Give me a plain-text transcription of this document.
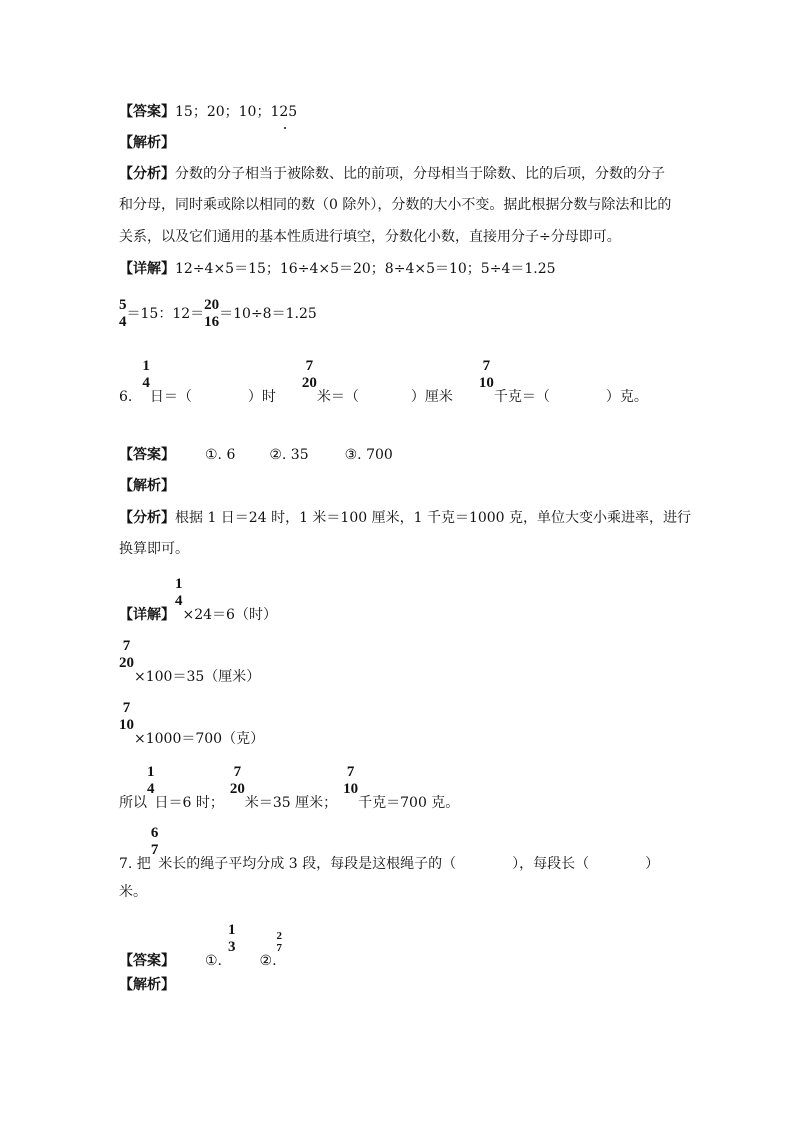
【答案】15；20；10；125
【解析】
【分析】分数的分子相当于被除数、比的前项，分母相当于除数、比的后项，分数的分子
和分母，同时乘或除以相同的数（0 除外），分数的大小不变。据此根据分数与除法和比的
关系，以及它们通用的基本性质进行填空，分数化小数，直接用分子÷分母即可。
【详解】12÷4×5＝15；16÷4×5＝20；8÷4×5＝10；5÷4＝1.25
5
4 ＝15：12＝
20
16 ＝10÷8＝1.25
6.
1
4
日＝（	）时
7
20
米＝（	）厘米
7
10
千克＝（	）克。
【答案】 ①. 6 ②. 35	③. 700
【解析】
【分析】根据 1 日＝24 时，1 米＝100 厘米，1 千克＝1000 克，单位大变小乘进率，进行
换算即可。
【详解】
1
4
×24＝6（时）
7
20
×100＝35（厘米）
7
10
×1000＝700（克）
所以
1
4
日＝6 时；
7
20
米＝35 厘米；
7
10
千克＝700 克。
7. 把
6
7
米长的绳子平均分成 3 段，每段是这根绳子的（	），每段长（	）
米。
【答案】 ①.
1
3
②.
2
7
【解析】
